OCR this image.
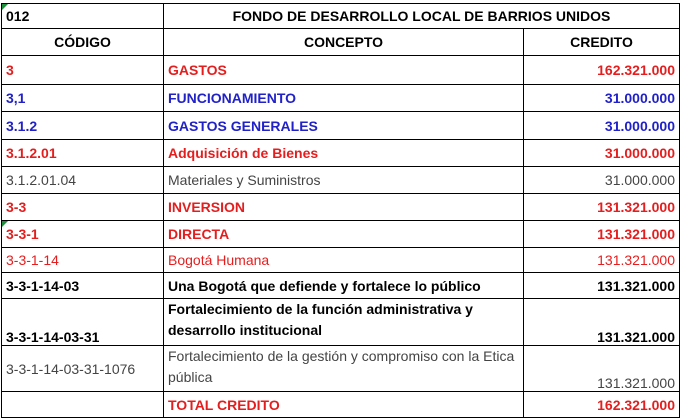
012	FONDO DE DESARROLLO LOCAL DE BARRIOS UNIDOS	
CÓDIGO	CONCEPTO	CREDITO
3	GASTOS	162.321.000
3,1	FUNCIONAMIENTO	31.000.000
3.1.2	GASTOS GENERALES	31.000.000
3.1.2.01	Adquisición de Bienes	31.000.000
3.1.2.01.04	Materiales y Suministros	31.000.000
3-3	INVERSION	131.321.000
3-3-1	DIRECTA	131.321.000
3-3-1-14	Bogotá Humana	131.321.000
3-3-1-14-03	Una Bogotá que defiende y fortalece lo público	131.321.000
3-3-1-14-03-31	Fortalecimiento de la función administrativa y desarrollo institucional	131.321.000
3-3-1-14-03-31-1076	Fortalecimiento de la gestión y compromiso con la Etica pública	131.321.000
	TOTAL CREDITO	162.321.000
